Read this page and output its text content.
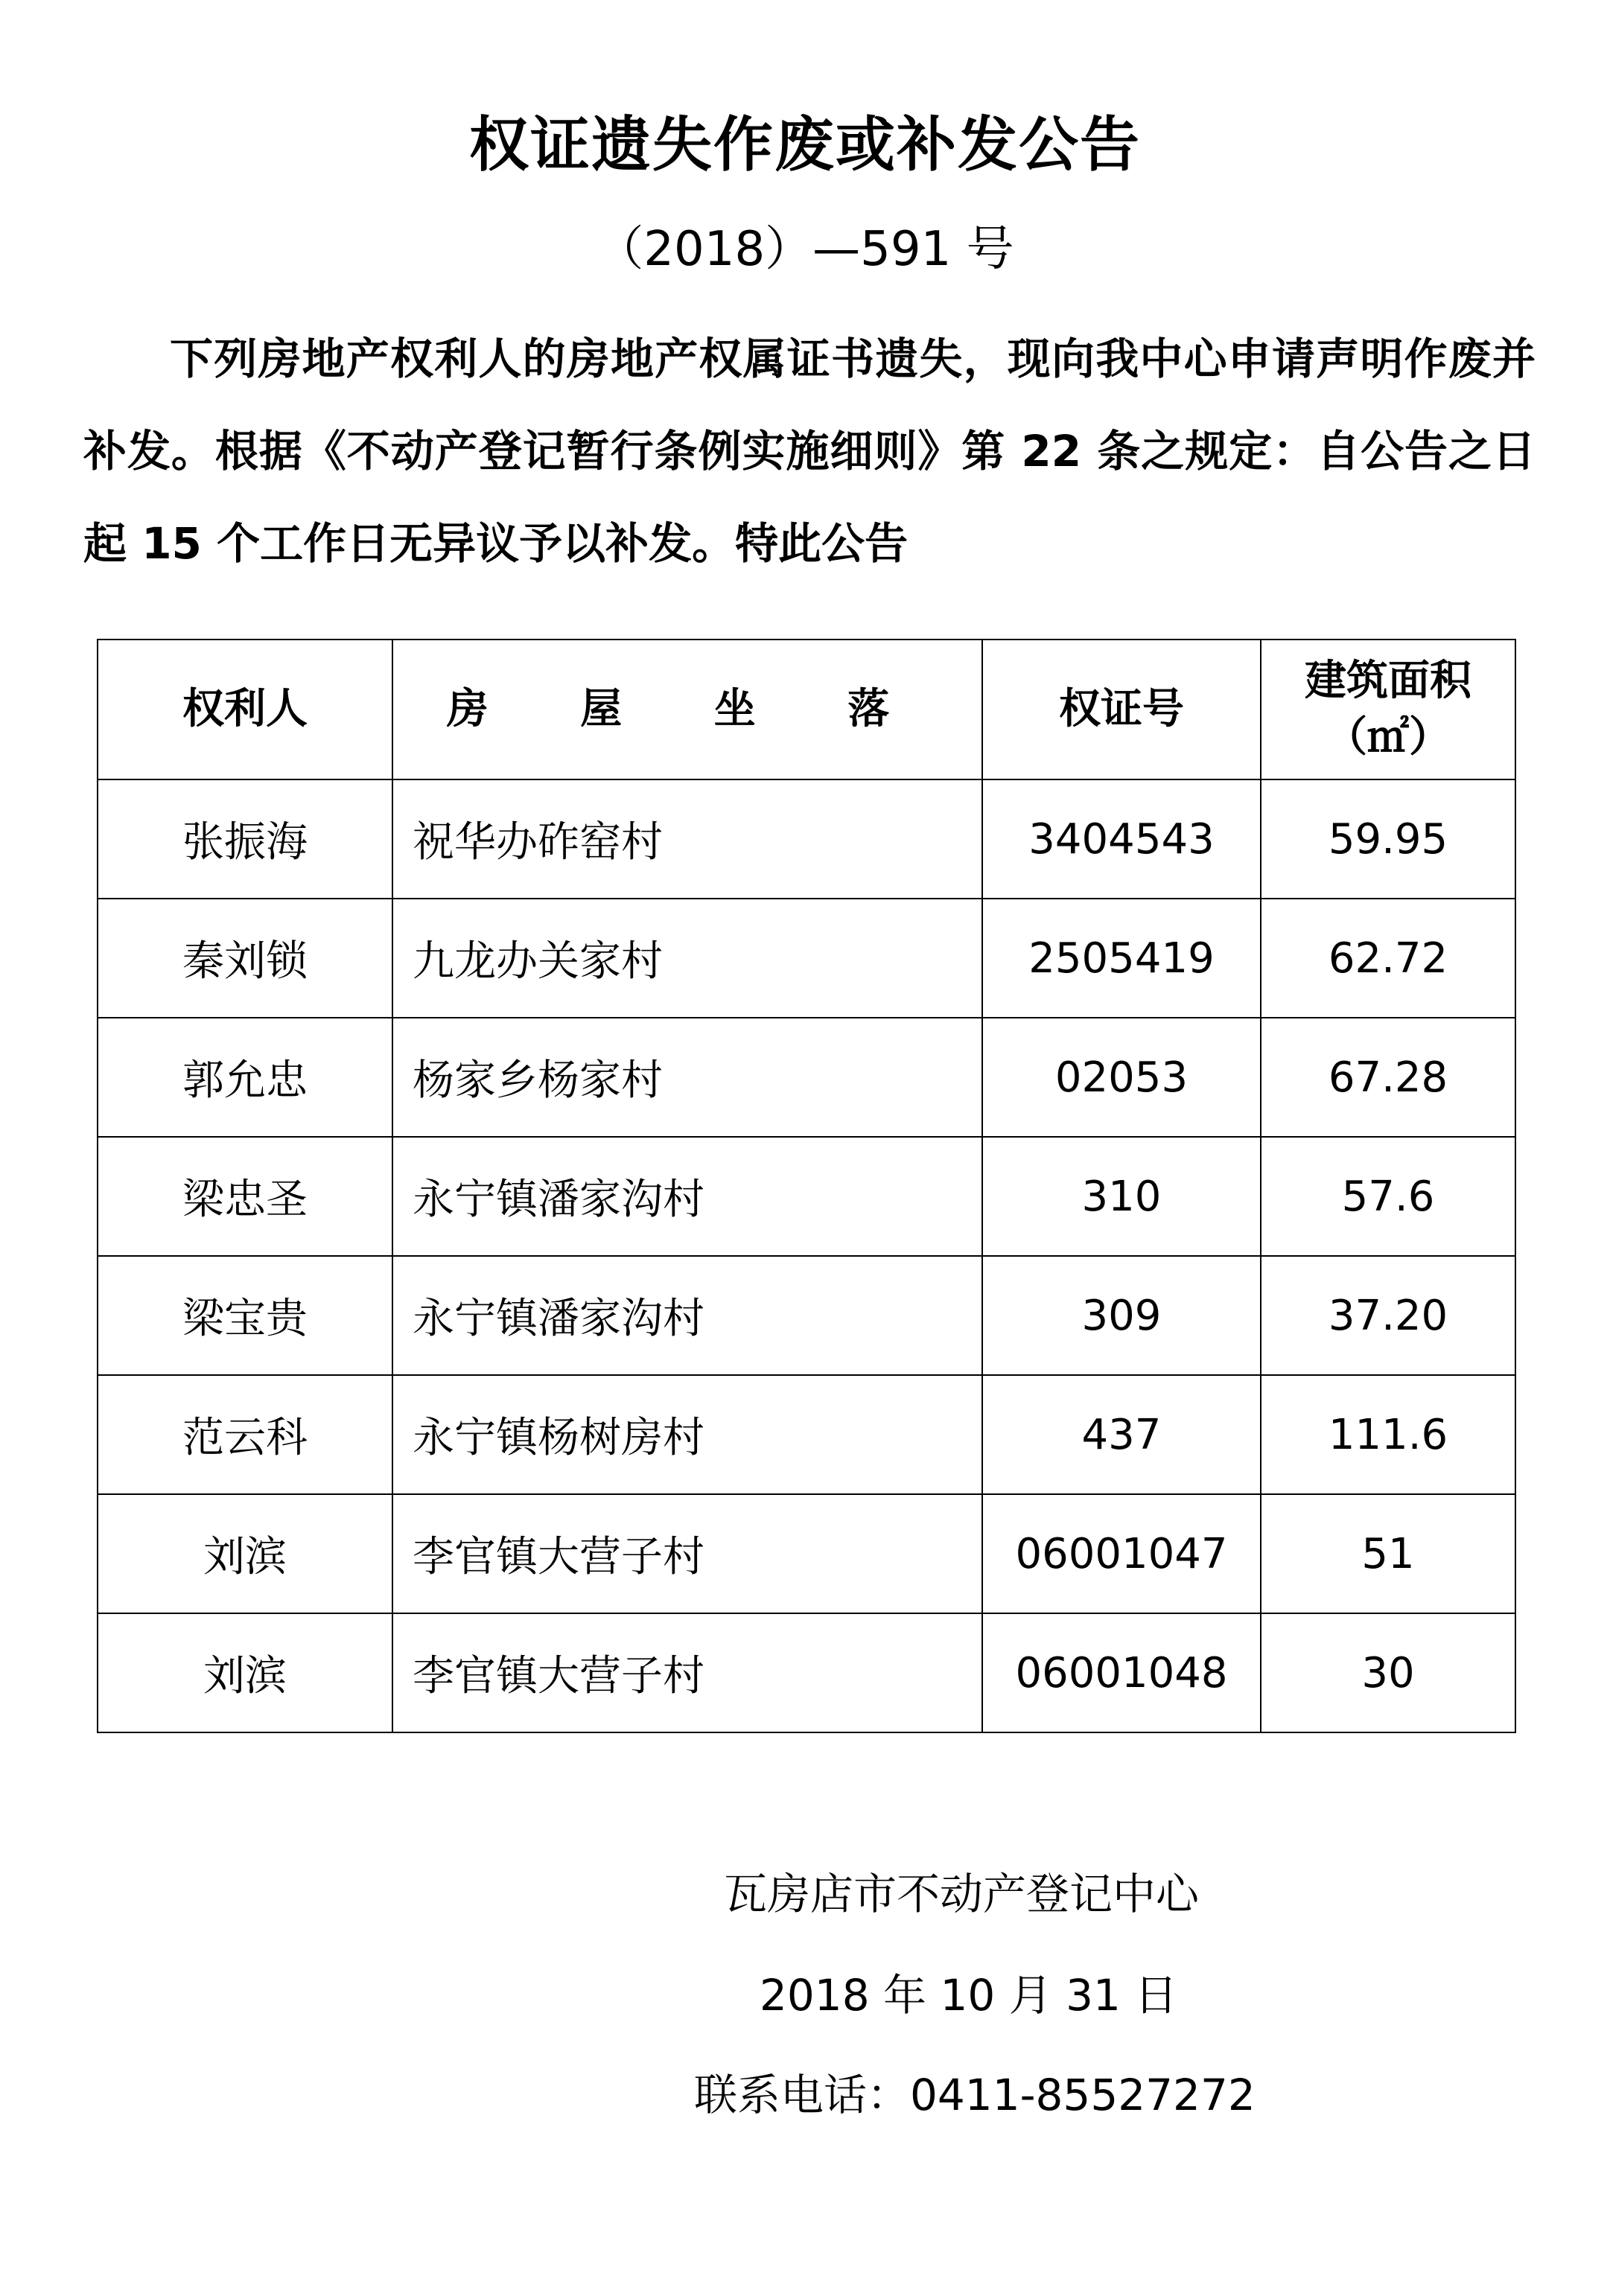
权证遗失作废或补发公告
（2018）—591 号

下列房地产权利人的房地产权属证书遗失，现向我中心申请声明作废并补发。根据《不动产登记暂行条例实施细则》第 22 条之规定：自公告之日起 15 个工作日无异议予以补发。特此公告

权利人	房 屋 坐 落	权证号	建筑面积
（㎡）

张振海	祝华办砟窑村	3404543	59.95
秦刘锁	九龙办关家村	2505419	62.72
郭允忠	杨家乡杨家村	02053	67.28
梁忠圣	永宁镇潘家沟村	310	57.6
梁宝贵	永宁镇潘家沟村	309	37.20
范云科	永宁镇杨树房村	437	111.6
刘滨	李官镇大营子村	06001047	51
刘滨	李官镇大营子村	06001048	30
瓦房店市不动产登记中心
2018 年 10 月 31 日
联系电话：0411-85527272
